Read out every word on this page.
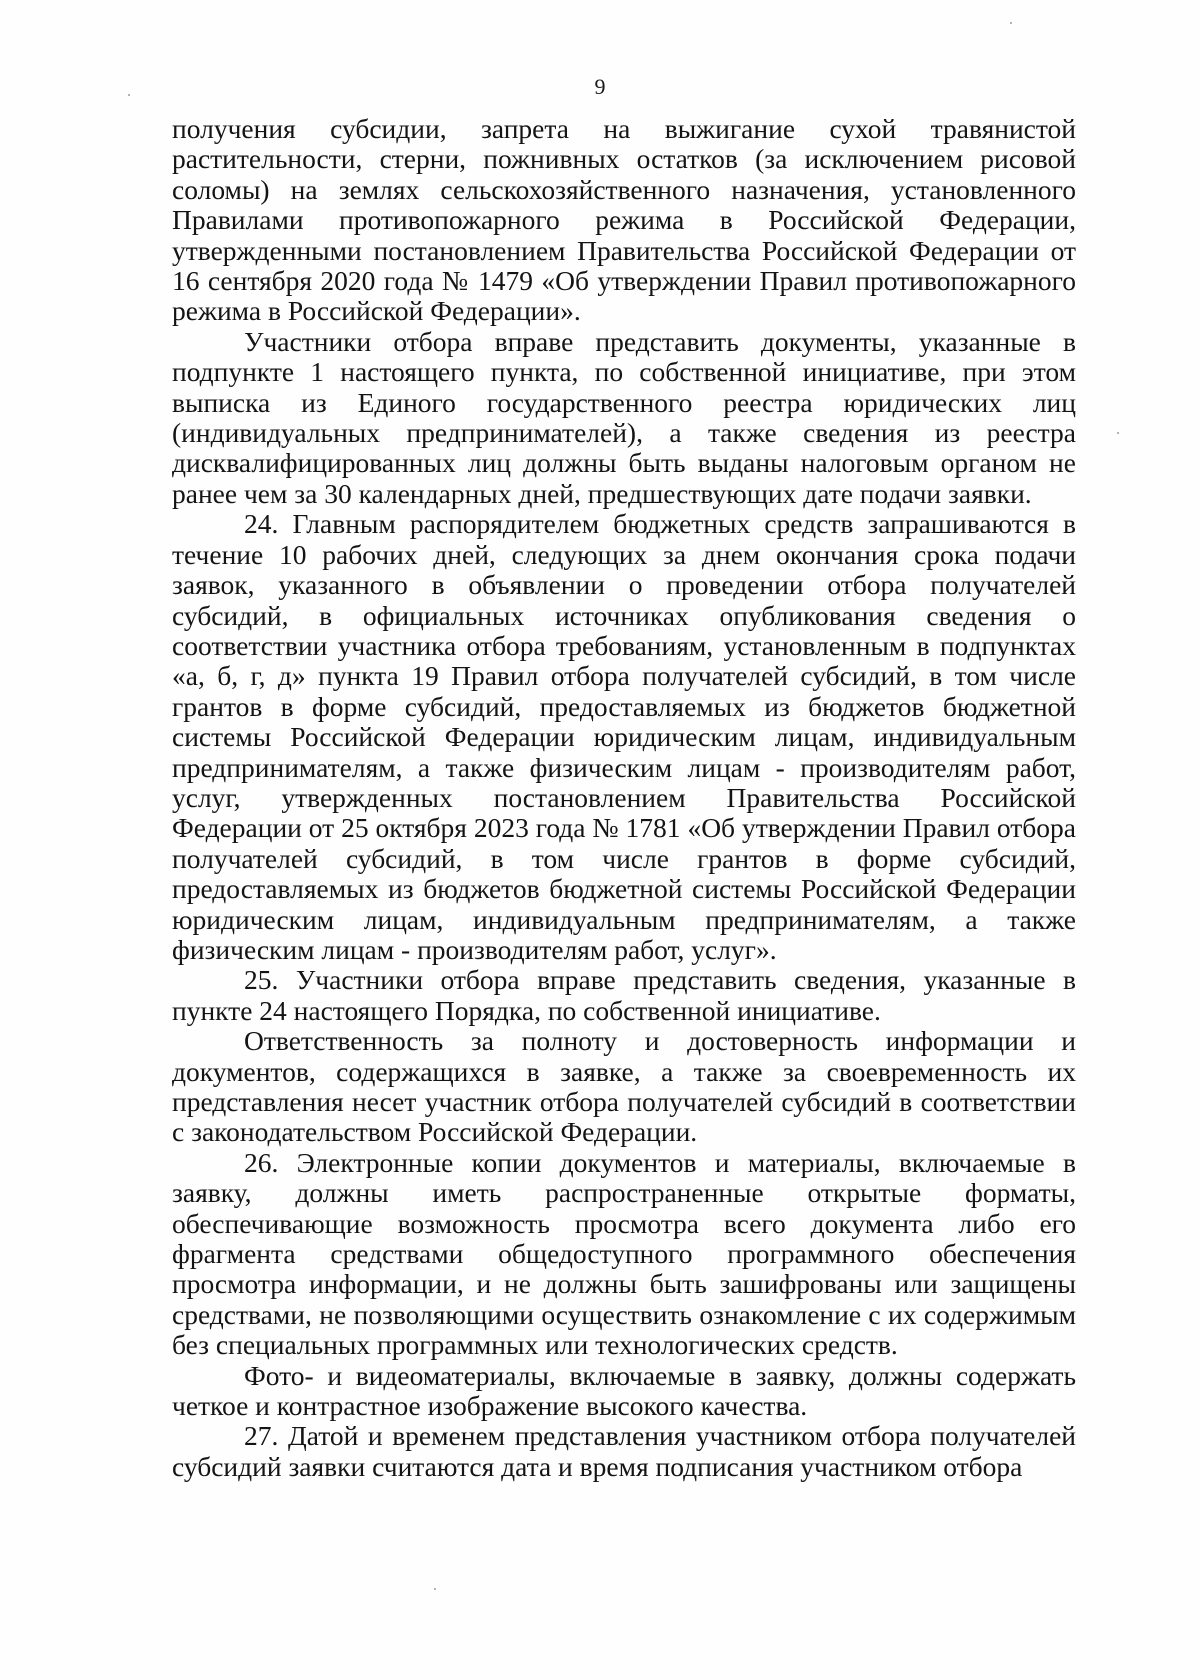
9

получения субсидии, запрета на выжигание сухой травянистой растительности, стерни, пожнивных остатков (за исключением рисовой соломы) на землях сельскохозяйственного назначения, установленного Правилами противопожарного режима в Российской Федерации, утвержденными постановлением Правительства Российской Федерации от 16 сентября 2020 года № 1479 «Об утверждении Правил противопожарного режима в Российской Федерации».

Участники отбора вправе представить документы, указанные в подпункте 1 настоящего пункта, по собственной инициативе, при этом выписка из Единого государственного реестра юридических лиц (индивидуальных предпринимателей), а также сведения из реестра дисквалифицированных лиц должны быть выданы налоговым органом не ранее чем за 30 календарных дней, предшествующих дате подачи заявки.

24. Главным распорядителем бюджетных средств запрашиваются в течение 10 рабочих дней, следующих за днем окончания срока подачи заявок, указанного в объявлении о проведении отбора получателей субсидий, в официальных источниках опубликования сведения о соответствии участника отбора требованиям, установленным в подпунктах «а, б, г, д» пункта 19 Правил отбора получателей субсидий, в том числе грантов в форме субсидий, предоставляемых из бюджетов бюджетной системы Российской Федерации юридическим лицам, индивидуальным предпринимателям, а также физическим лицам - производителям работ, услуг, утвержденных постановлением Правительства Российской Федерации от 25 октября 2023 года № 1781 «Об утверждении Правил отбора получателей субсидий, в том числе грантов в форме субсидий, предоставляемых из бюджетов бюджетной системы Российской Федерации юридическим лицам, индивидуальным предпринимателям, а также физическим лицам - производителям работ, услуг».

25. Участники отбора вправе представить сведения, указанные в пункте 24 настоящего Порядка, по собственной инициативе.

Ответственность за полноту и достоверность информации и документов, содержащихся в заявке, а также за своевременность их представления несет участник отбора получателей субсидий в соответствии с законодательством Российской Федерации.

26. Электронные копии документов и материалы, включаемые в заявку, должны иметь распространенные открытые форматы, обеспечивающие возможность просмотра всего документа либо его фрагмента средствами общедоступного программного обеспечения просмотра информации, и не должны быть зашифрованы или защищены средствами, не позволяющими осуществить ознакомление с их содержимым без специальных программных или технологических средств.

Фото- и видеоматериалы, включаемые в заявку, должны содержать четкое и контрастное изображение высокого качества.

27. Датой и временем представления участником отбора получателей субсидий заявки считаются дата и время подписания участником отбора
